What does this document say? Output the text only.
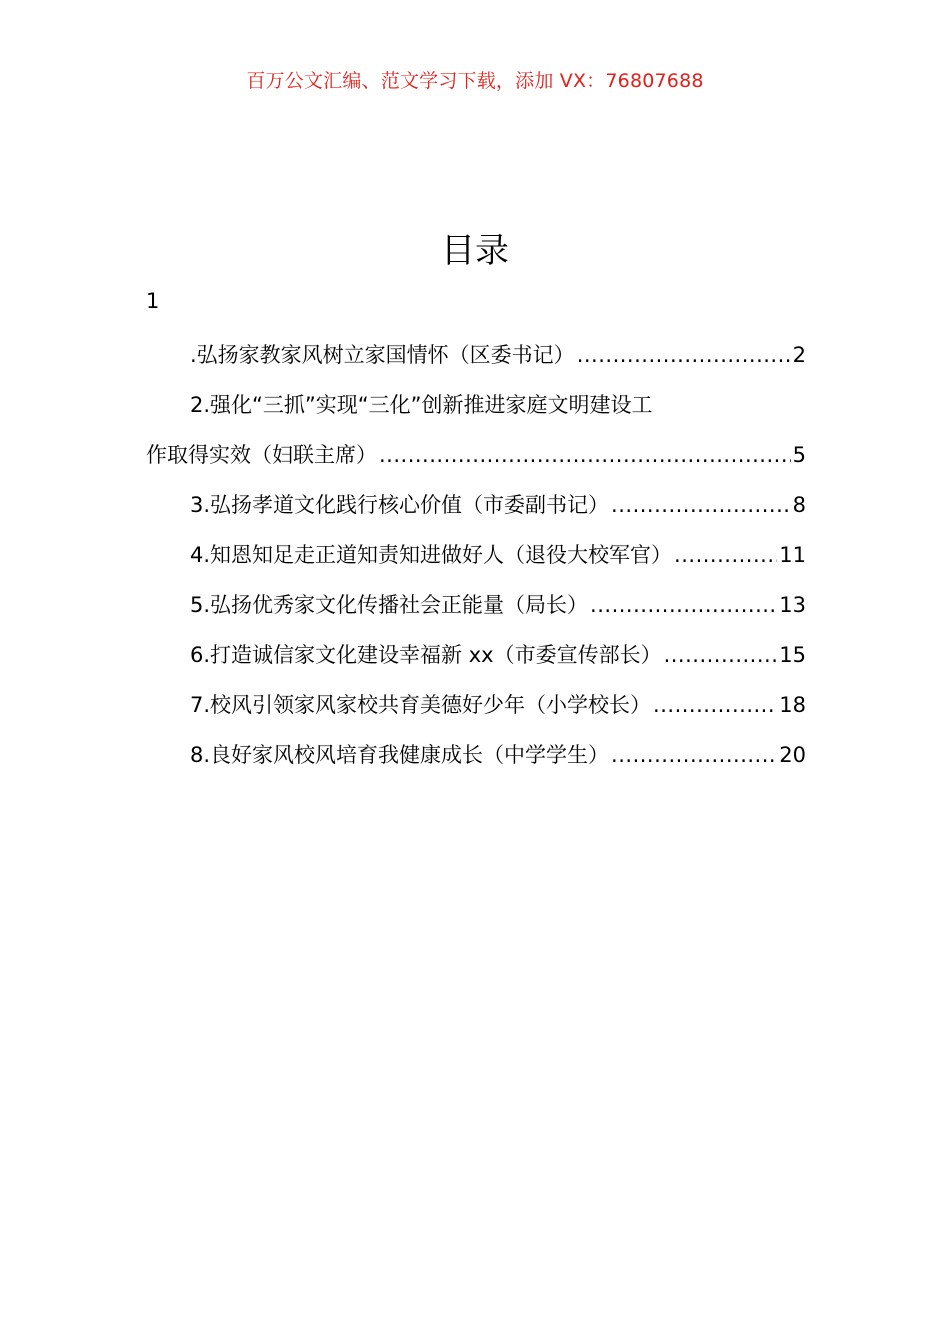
百万公文汇编、范文学习下载，添加 VX：76807688
目录
1
.弘扬家教家风树立家国情怀（区委书记） .....	2
2.强化“三抓”实现“三化”创新推进家庭文明建设工
作取得实效（妇联主席） .....	5
3.弘扬孝道文化践行核心价值（市委副书记） .....	8
4.知恩知足走正道知责知进做好人（退役大校军官） .....	11
5.弘扬优秀家文化传播社会正能量（局长） .....	13
6.打造诚信家文化建设幸福新 xx（市委宣传部长） .....	15
7.校风引领家风家校共育美德好少年（小学校长） .....	18
8.良好家风校风培育我健康成长（中学学生） .....	20
